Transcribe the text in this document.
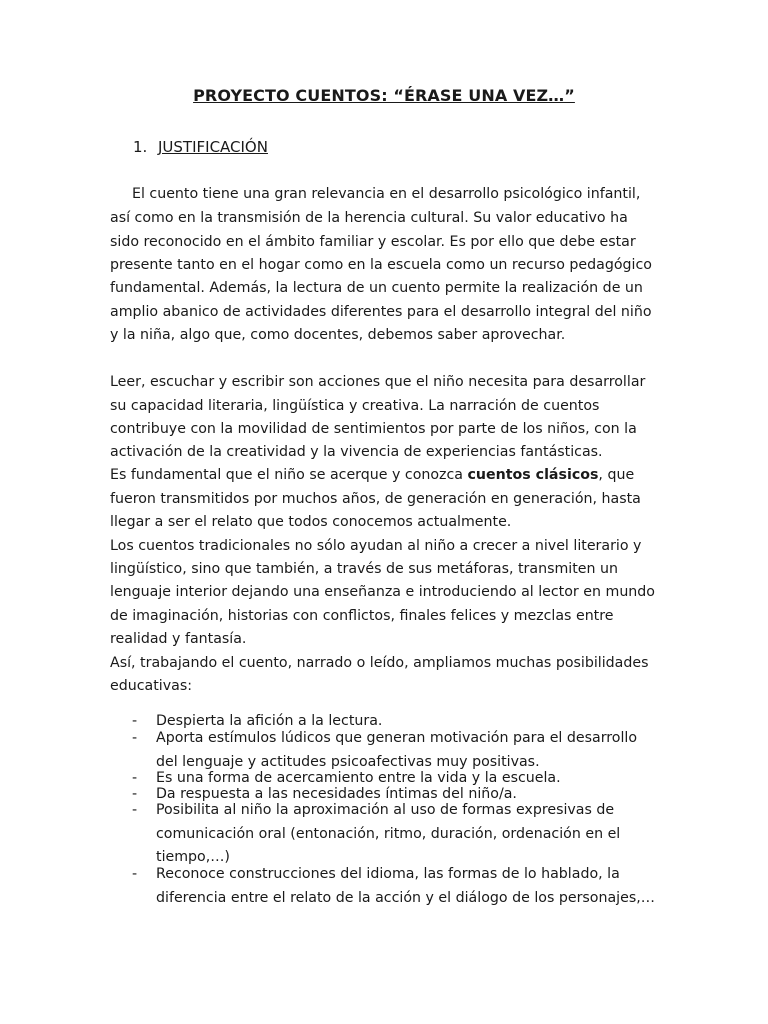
PROYECTO CUENTOS: “ÉRASE UNA VEZ…”
1. JUSTIFICACIÓN
El cuento tiene una gran relevancia en el desarrollo psicológico infantil,
así como en la transmisión de la herencia cultural. Su valor educativo ha
sido reconocido en el ámbito familiar y escolar. Es por ello que debe estar
presente tanto en el hogar como en la escuela como un recurso pedagógico
fundamental. Además, la lectura de un cuento permite la realización de un
amplio abanico de actividades diferentes para el desarrollo integral del niño
y la niña, algo que, como docentes, debemos saber aprovechar.
Leer, escuchar y escribir son acciones que el niño necesita para desarrollar
su capacidad literaria, lingüística y creativa. La narración de cuentos
contribuye con la movilidad de sentimientos por parte de los niños, con la
activación de la creatividad y la vivencia de experiencias fantásticas.
Es fundamental que el niño se acerque y conozca cuentos clásicos, que
fueron transmitidos por muchos años, de generación en generación, hasta
llegar a ser el relato que todos conocemos actualmente.
Los cuentos tradicionales no sólo ayudan al niño a crecer a nivel literario y
lingüístico, sino que también, a través de sus metáforas, transmiten un
lenguaje interior dejando una enseñanza e introduciendo al lector en mundo
de imaginación, historias con conflictos, finales felices y mezclas entre
realidad y fantasía.
Así, trabajando el cuento, narrado o leído, ampliamos muchas posibilidades
educativas:
- Despierta la afición a la lectura.
- Aporta estímulos lúdicos que generan motivación para el desarrollo
del lenguaje y actitudes psicoafectivas muy positivas.
- Es una forma de acercamiento entre la vida y la escuela.
- Da respuesta a las necesidades íntimas del niño/a.
- Posibilita al niño la aproximación al uso de formas expresivas de
comunicación oral (entonación, ritmo, duración, ordenación en el
tiempo,…)
- Reconoce construcciones del idioma, las formas de lo hablado, la
diferencia entre el relato de la acción y el diálogo de los personajes,…
